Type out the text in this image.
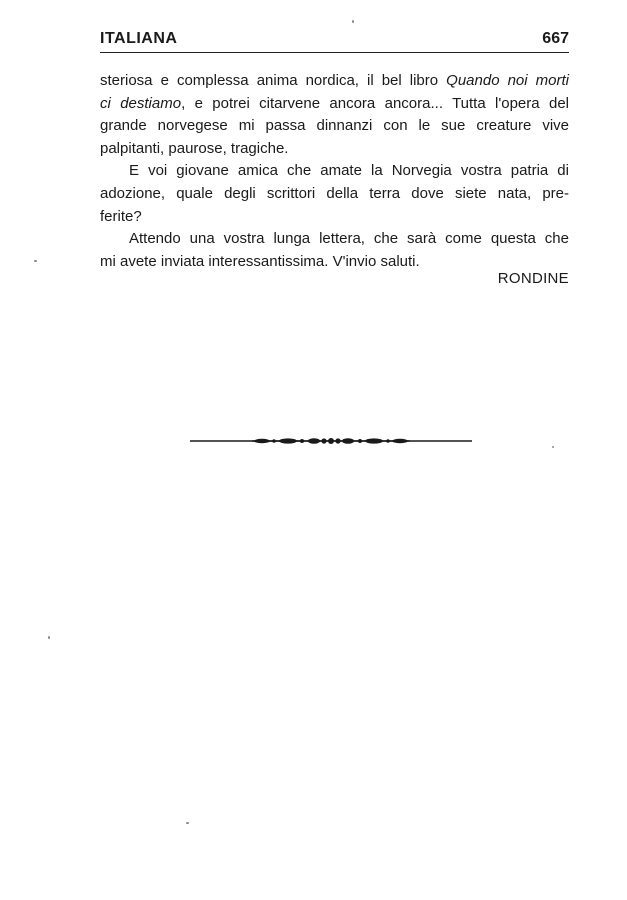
ITALIANA	667
steriosa e complessa anima nordica, il bel libro Quando noi morti
ci destiamo, e potrei citarvene ancora ancora... Tutta l'opera del
grande norvegese mi passa dinnanzi con le sue creature vive
palpitanti, paurose, tragiche.
E voi giovane amica che amate la Norvegia vostra patria di
adozione, quale degli scrittori della terra dove siete nata, pre-
ferite?
Attendo una vostra lunga lettera, che sarà come questa che
mi avete inviata interessantissima. V'invio saluti.
RONDINE
